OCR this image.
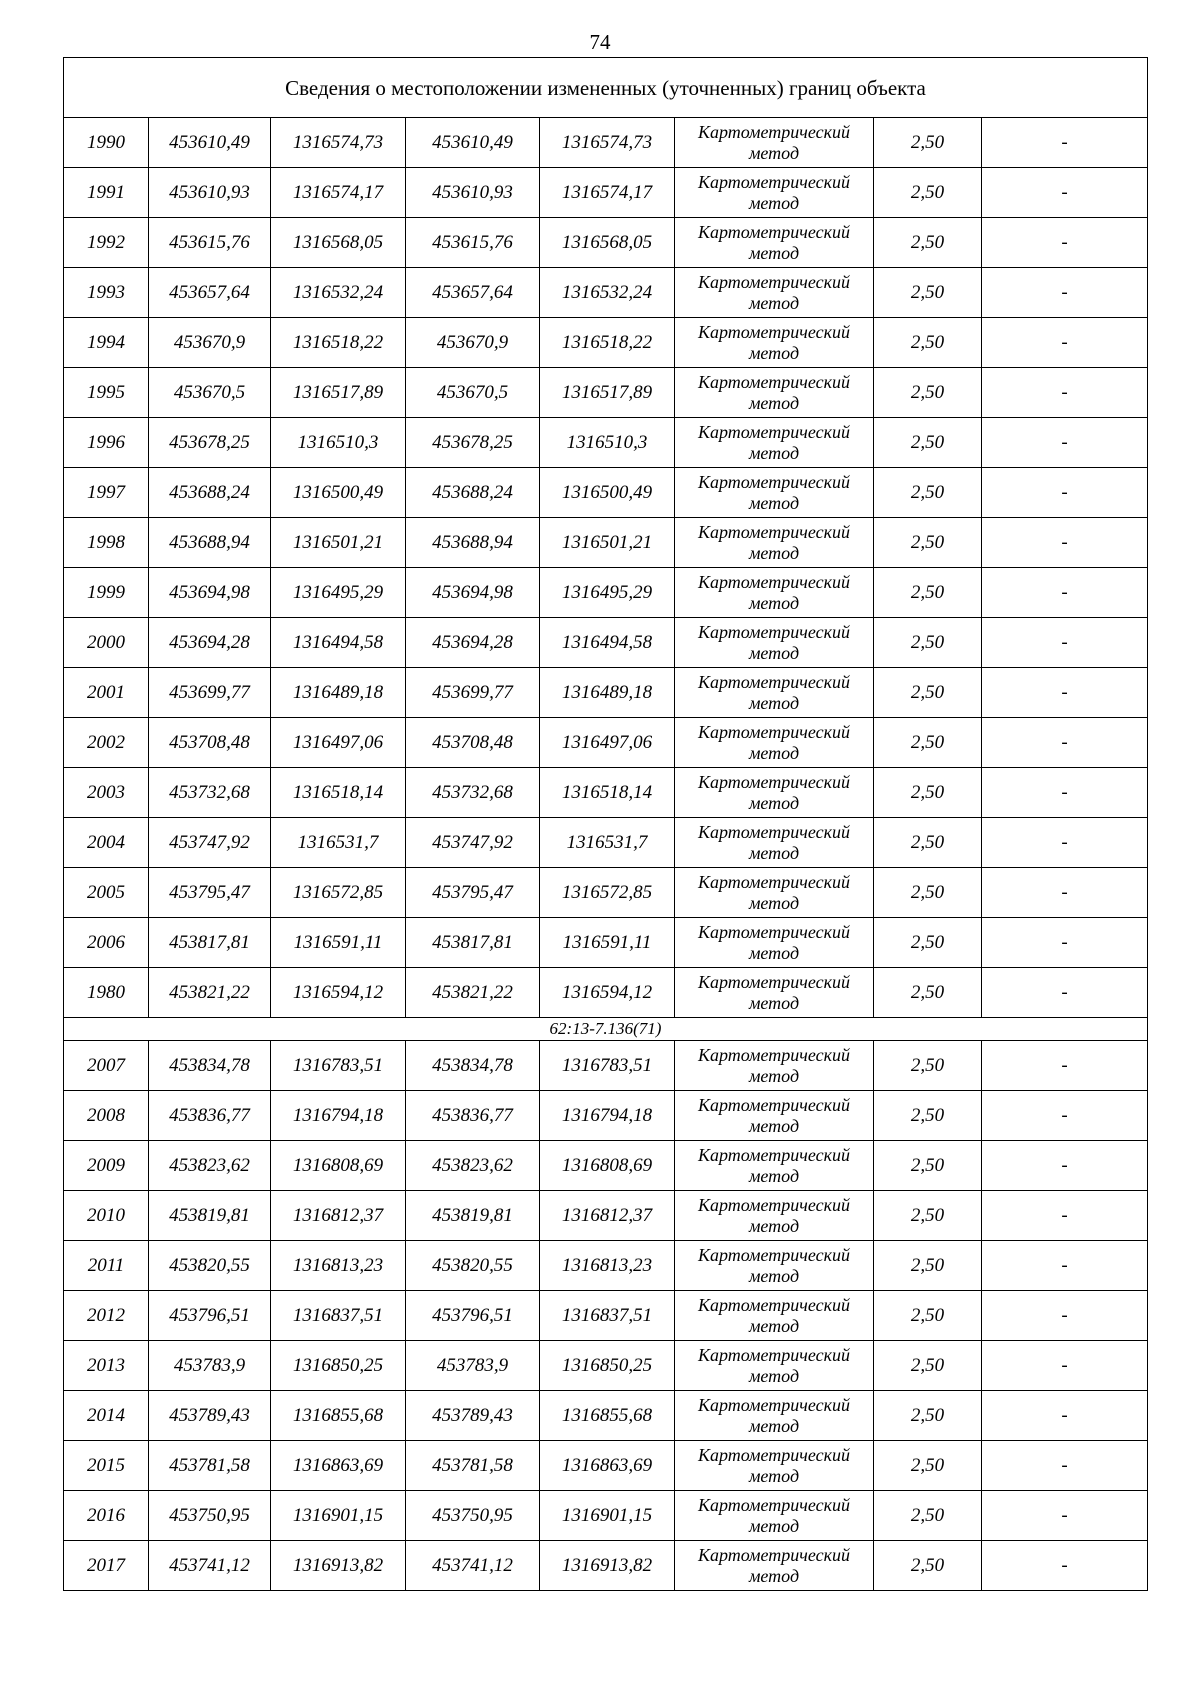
74
Сведения о местоположении измененных (уточненных) границ объекта							
1990	453610,49	1316574,73	453610,49	1316574,73	Картометрический
метод	2,50	-
1991	453610,93	1316574,17	453610,93	1316574,17	Картометрический
метод	2,50	-
1992	453615,76	1316568,05	453615,76	1316568,05	Картометрический
метод	2,50	-
1993	453657,64	1316532,24	453657,64	1316532,24	Картометрический
метод	2,50	-
1994	453670,9	1316518,22	453670,9	1316518,22	Картометрический
метод	2,50	-
1995	453670,5	1316517,89	453670,5	1316517,89	Картометрический
метод	2,50	-
1996	453678,25	1316510,3	453678,25	1316510,3	Картометрический
метод	2,50	-
1997	453688,24	1316500,49	453688,24	1316500,49	Картометрический
метод	2,50	-
1998	453688,94	1316501,21	453688,94	1316501,21	Картометрический
метод	2,50	-
1999	453694,98	1316495,29	453694,98	1316495,29	Картометрический
метод	2,50	-
2000	453694,28	1316494,58	453694,28	1316494,58	Картометрический
метод	2,50	-
2001	453699,77	1316489,18	453699,77	1316489,18	Картометрический
метод	2,50	-
2002	453708,48	1316497,06	453708,48	1316497,06	Картометрический
метод	2,50	-
2003	453732,68	1316518,14	453732,68	1316518,14	Картометрический
метод	2,50	-
2004	453747,92	1316531,7	453747,92	1316531,7	Картометрический
метод	2,50	-
2005	453795,47	1316572,85	453795,47	1316572,85	Картометрический
метод	2,50	-
2006	453817,81	1316591,11	453817,81	1316591,11	Картометрический
метод	2,50	-
1980	453821,22	1316594,12	453821,22	1316594,12	Картометрический
метод	2,50	-
62:13-7.136(71)							
2007	453834,78	1316783,51	453834,78	1316783,51	Картометрический
метод	2,50	-
2008	453836,77	1316794,18	453836,77	1316794,18	Картометрический
метод	2,50	-
2009	453823,62	1316808,69	453823,62	1316808,69	Картометрический
метод	2,50	-
2010	453819,81	1316812,37	453819,81	1316812,37	Картометрический
метод	2,50	-
2011	453820,55	1316813,23	453820,55	1316813,23	Картометрический
метод	2,50	-
2012	453796,51	1316837,51	453796,51	1316837,51	Картометрический
метод	2,50	-
2013	453783,9	1316850,25	453783,9	1316850,25	Картометрический
метод	2,50	-
2014	453789,43	1316855,68	453789,43	1316855,68	Картометрический
метод	2,50	-
2015	453781,58	1316863,69	453781,58	1316863,69	Картометрический
метод	2,50	-
2016	453750,95	1316901,15	453750,95	1316901,15	Картометрический
метод	2,50	-
2017	453741,12	1316913,82	453741,12	1316913,82	Картометрический
метод	2,50	-
